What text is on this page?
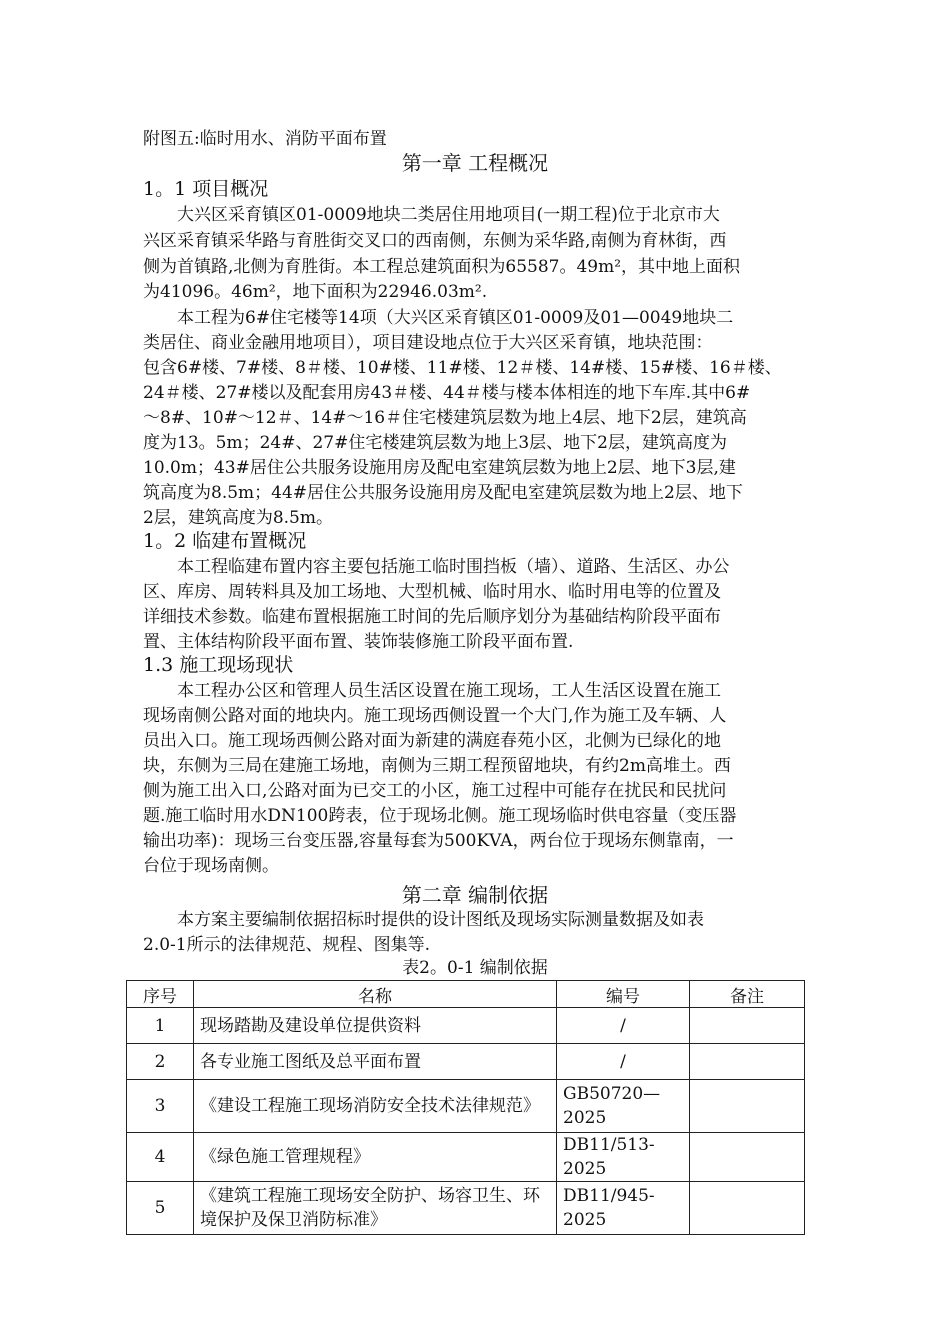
附图五:临时用水、消防平面布置

第一章 工程概况

1。1 项目概况

大兴区采育镇区01-0009地块二类居住用地项目(一期工程)位于北京市大

兴区采育镇采华路与育胜街交叉口的西南侧，东侧为采华路,南侧为育林街，西

侧为首镇路,北侧为育胜街。本工程总建筑面积为65587。49m²，其中地上面积

为41096。46m²，地下面积为22946.03m².

本工程为6#住宅楼等14项（大兴区采育镇区01-0009及01—0049地块二

类居住、商业金融用地项目），项目建设地点位于大兴区采育镇，地块范围：

包含6#楼、7#楼、8＃楼、10#楼、11#楼、12＃楼、14#楼、15#楼、16＃楼、

24＃楼、27#楼以及配套用房43＃楼、44＃楼与楼本体相连的地下车库.其中6#

～8#、10#～12＃、14#～16＃住宅楼建筑层数为地上4层、地下2层，建筑高

度为13。5m；24#、27#住宅楼建筑层数为地上3层、地下2层，建筑高度为

10.0m；43#居住公共服务设施用房及配电室建筑层数为地上2层、地下3层,建

筑高度为8.5m；44#居住公共服务设施用房及配电室建筑层数为地上2层、地下

2层，建筑高度为8.5m。

1。2 临建布置概况

本工程临建布置内容主要包括施工临时围挡板（墙）、道路、生活区、办公

区、库房、周转料具及加工场地、大型机械、临时用水、临时用电等的位置及

详细技术参数。临建布置根据施工时间的先后顺序划分为基础结构阶段平面布

置、主体结构阶段平面布置、装饰装修施工阶段平面布置.

1.3 施工现场现状

本工程办公区和管理人员生活区设置在施工现场，工人生活区设置在施工

现场南侧公路对面的地块内。施工现场西侧设置一个大门,作为施工及车辆、人

员出入口。施工现场西侧公路对面为新建的满庭春苑小区，北侧为已绿化的地

块，东侧为三局在建施工场地，南侧为三期工程预留地块，有约2m高堆土。西

侧为施工出入口,公路对面为已交工的小区，施工过程中可能存在扰民和民扰问

题.施工临时用水DN100跨表，位于现场北侧。施工现场临时供电容量（变压器

输出功率)：现场三台变压器,容量每套为500KVA，两台位于现场东侧靠南，一

台位于现场南侧。

第二章 编制依据

本方案主要编制依据招标时提供的设计图纸及现场实际测量数据及如表

2.0-1所示的法律规范、规程、图集等.

表2。0-1 编制依据

序号	名称	编号	备注
1	现场踏勘及建设单位提供资料	/	
2	各专业施工图纸及总平面布置	/	
3	《建设工程施工现场消防安全技术法律规范》	GB50720—2025	
4	《绿色施工管理规程》	DB11/513-2025	
5	《建筑工程施工现场安全防护、场容卫生、环境保护及保卫消防标准》	DB11/945-2025	
